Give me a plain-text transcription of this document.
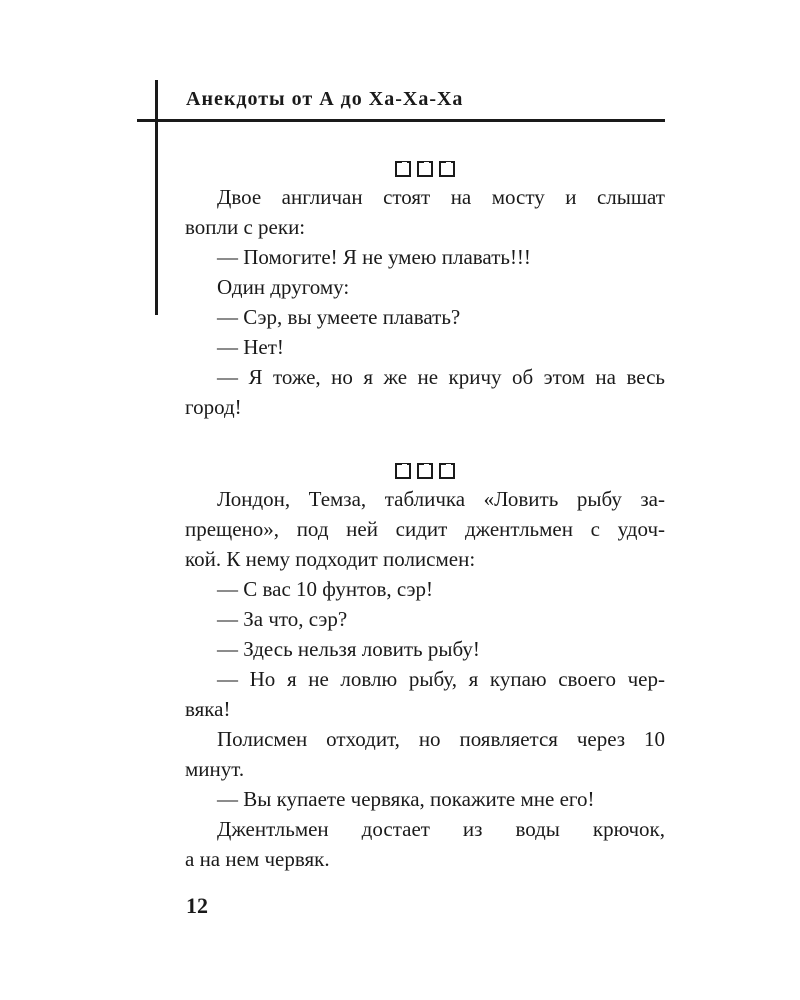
Анекдоты от А до Ха-Ха-Ха
Двое англичан стоят на мосту и слышат
вопли с реки:
— Помогите! Я не умею плавать!!!
Один другому:
— Сэр, вы умеете плавать?
— Нет!
— Я тоже, но я же не кричу об этом на весь
город!
Лондон, Темза, табличка «Ловить рыбу за-
прещено», под ней сидит джентльмен с удоч-
кой. К нему подходит полисмен:
— С вас 10 фунтов, сэр!
— За что, сэр?
— Здесь нельзя ловить рыбу!
— Но я не ловлю рыбу, я купаю своего чер-
вяка!
Полисмен отходит, но появляется через 10
минут.
— Вы купаете червяка, покажите мне его!
Джентльмен достает из воды крючок,
а на нем червяк.
12
